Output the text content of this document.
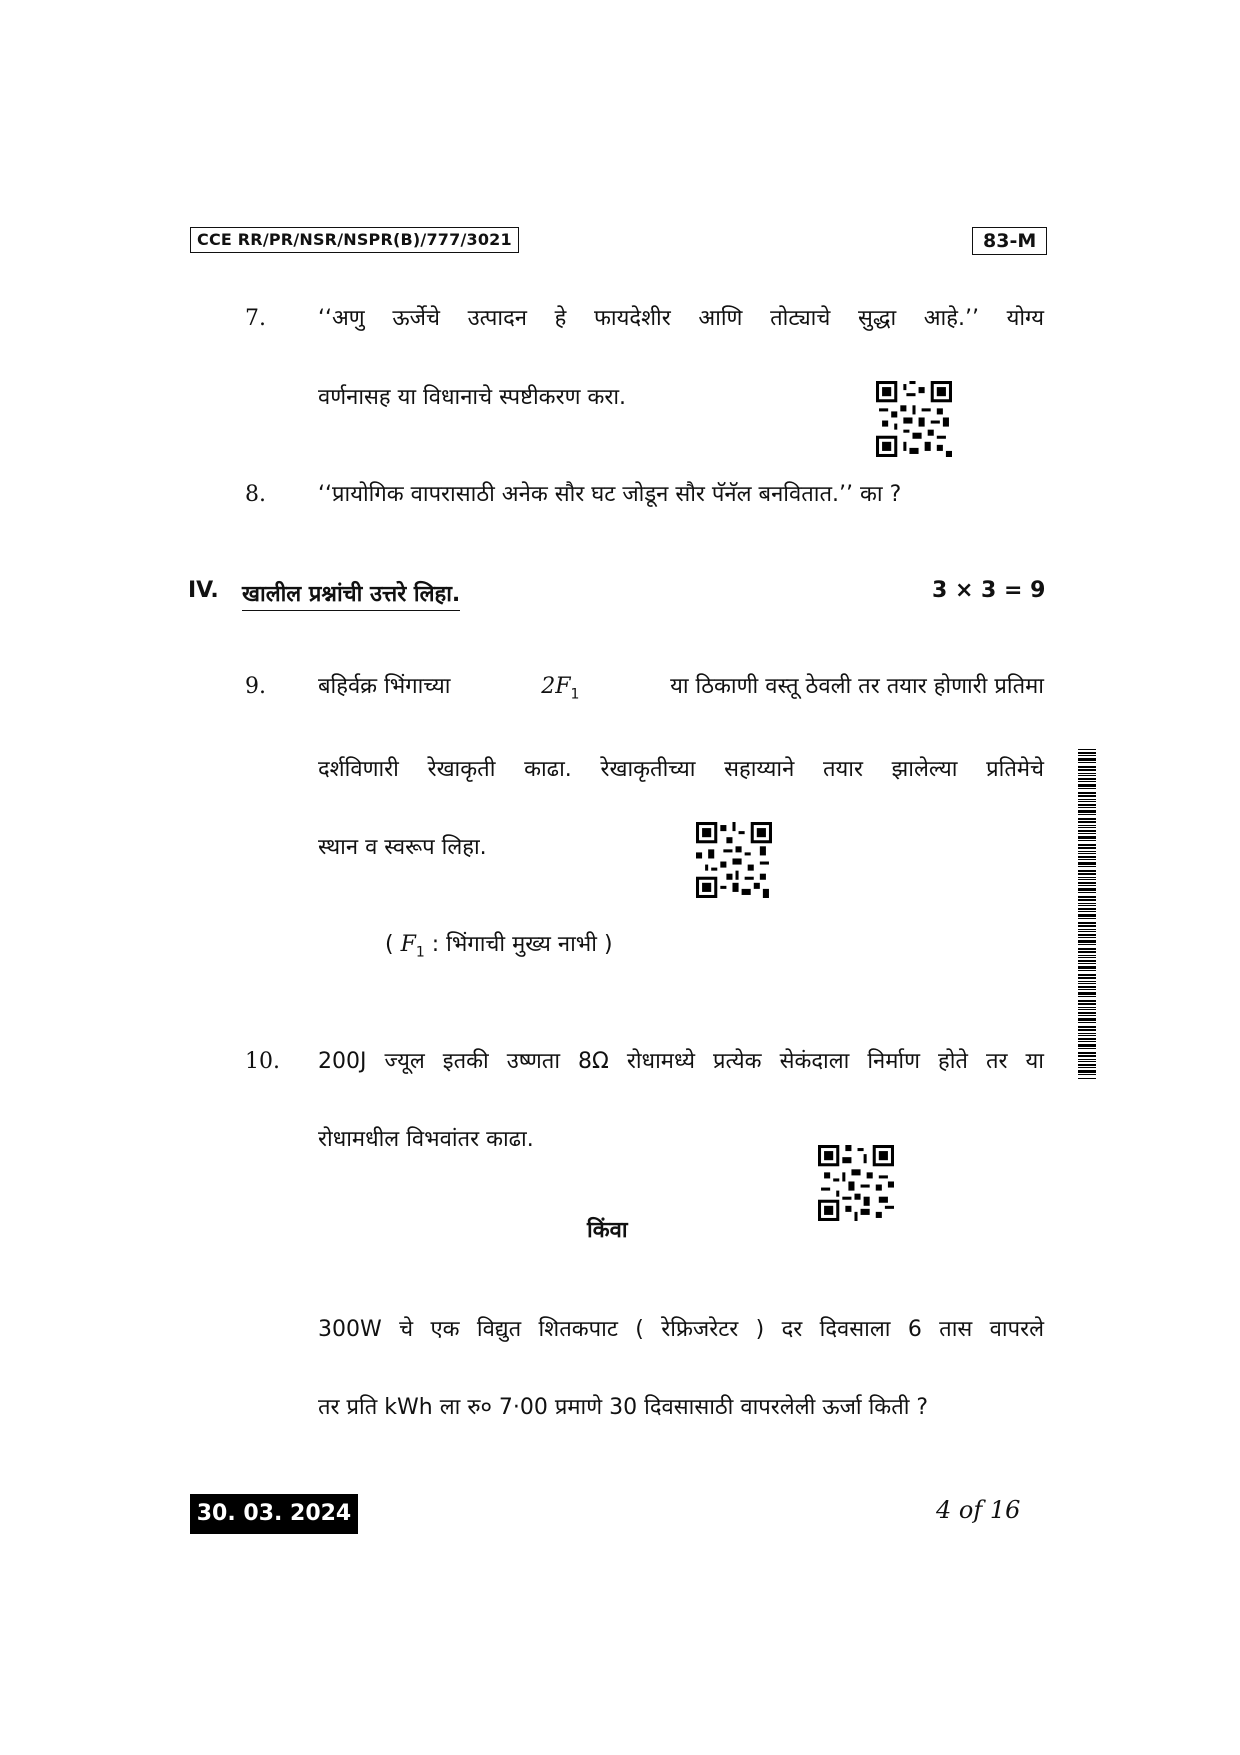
CCE RR/PR/NSR/NSPR(B)/777/3021	83-M
7. ‘‘अणु ऊर्जेचे उत्पादन हे फायदेशीर आणि तोट्याचे सुद्धा आहे.’’ योग्य
वर्णनासह या विधानाचे स्पष्टीकरण करा.
8. ‘‘प्रायोगिक वापरासाठी अनेक सौर घट जोडून सौर पॅनॅल बनवितात.’’ का ?
IV. खालील प्रश्नांची उत्तरे लिहा.	3 × 3 = 9
9. बहिर्वक्र भिंगाच्या	$2F_1$	या ठिकाणी वस्तू ठेवली तर तयार होणारी प्रतिमा
दर्शविणारी रेखाकृती काढा. रेखाकृतीच्या सहाय्याने तयार झालेल्या प्रतिमेचे
स्थान व स्वरूप लिहा.
( $F_1$ : भिंगाची मुख्य नाभी )
10. 200J ज्यूल इतकी उष्णता 8Ω रोधामध्ये प्रत्येक सेकंदाला निर्माण होते तर या
रोधामधील विभवांतर काढा.
किंवा
300W चे एक विद्युत शितकपाट ( रेफ्रिजरेटर ) दर दिवसाला 6 तास वापरले
तर प्रति kWh ला रु० 7·00 प्रमाणे 30 दिवसासाठी वापरलेली ऊर्जा किती ?
30. 03. 2024	4 of 16
